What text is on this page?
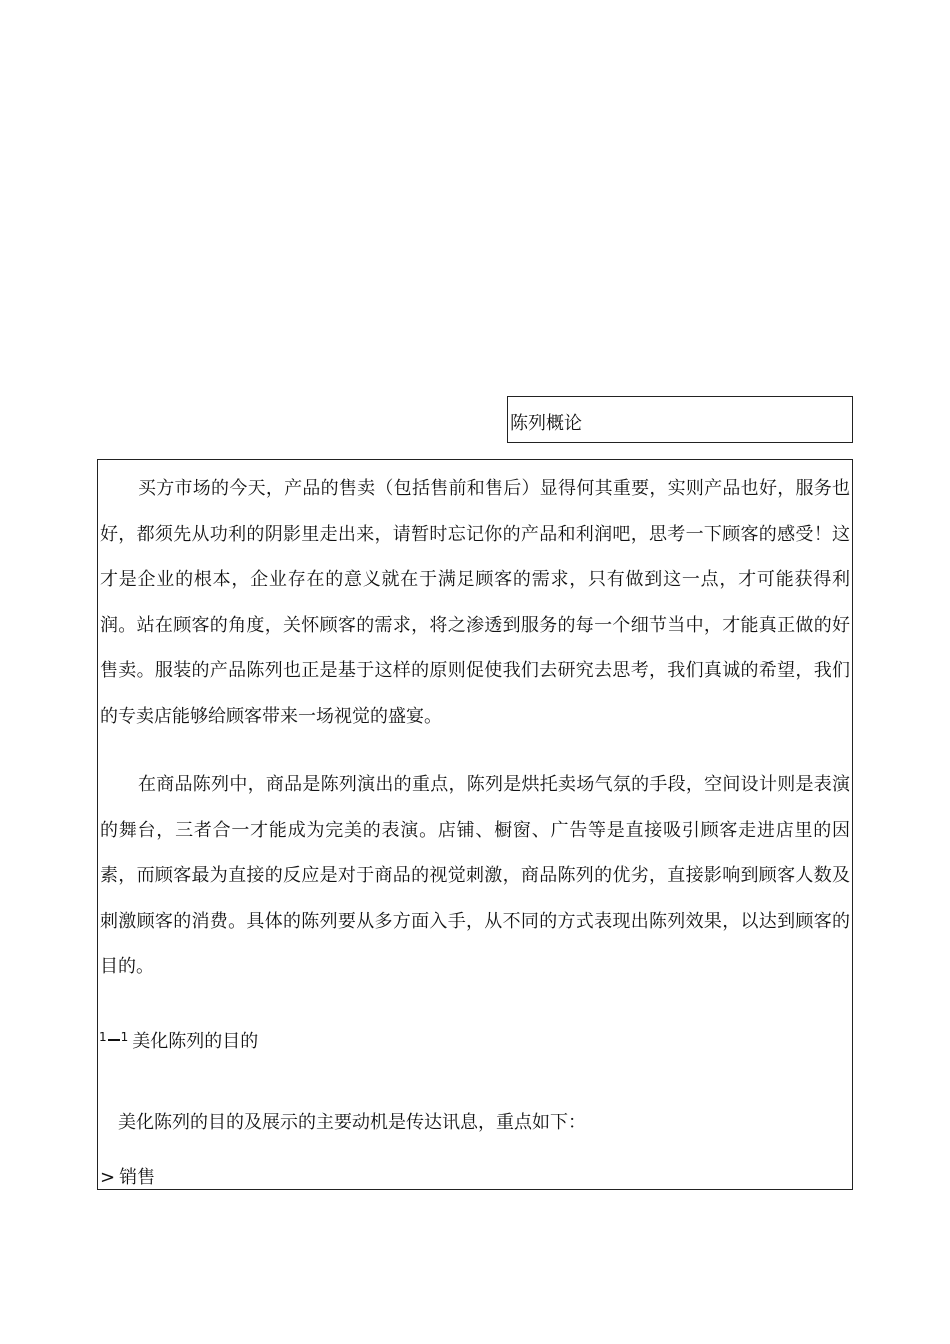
陈列概论

买方市场的今天，产品的售卖（包括售前和售后）显得何其重要，实则产品也好，服务也好，都须先从功利的阴影里走出来，请暂时忘记你的产品和利润吧，思考一下顾客的感受！这才是企业的根本，企业存在的意义就在于满足顾客的需求，只有做到这一点，才可能获得利润。站在顾客的角度，关怀顾客的需求，将之渗透到服务的每一个细节当中，才能真正做的好售卖。服装的产品陈列也正是基于这样的原则促使我们去研究去思考，我们真诚的希望，我们的专卖店能够给顾客带来一场视觉的盛宴。

在商品陈列中，商品是陈列演出的重点，陈列是烘托卖场气氛的手段，空间设计则是表演的舞台，三者合一才能成为完美的表演。店铺、橱窗、广告等是直接吸引顾客走进店里的因素，而顾客最为直接的反应是对于商品的视觉刺激，商品陈列的优劣，直接影响到顾客人数及刺激顾客的消费。具体的陈列要从多方面入手，从不同的方式表现出陈列效果，以达到顾客的目的。

$^1$ $^1$ 美化陈列的目的
美化陈列的目的及展示的主要动机是传达讯息，重点如下：
> 销售
